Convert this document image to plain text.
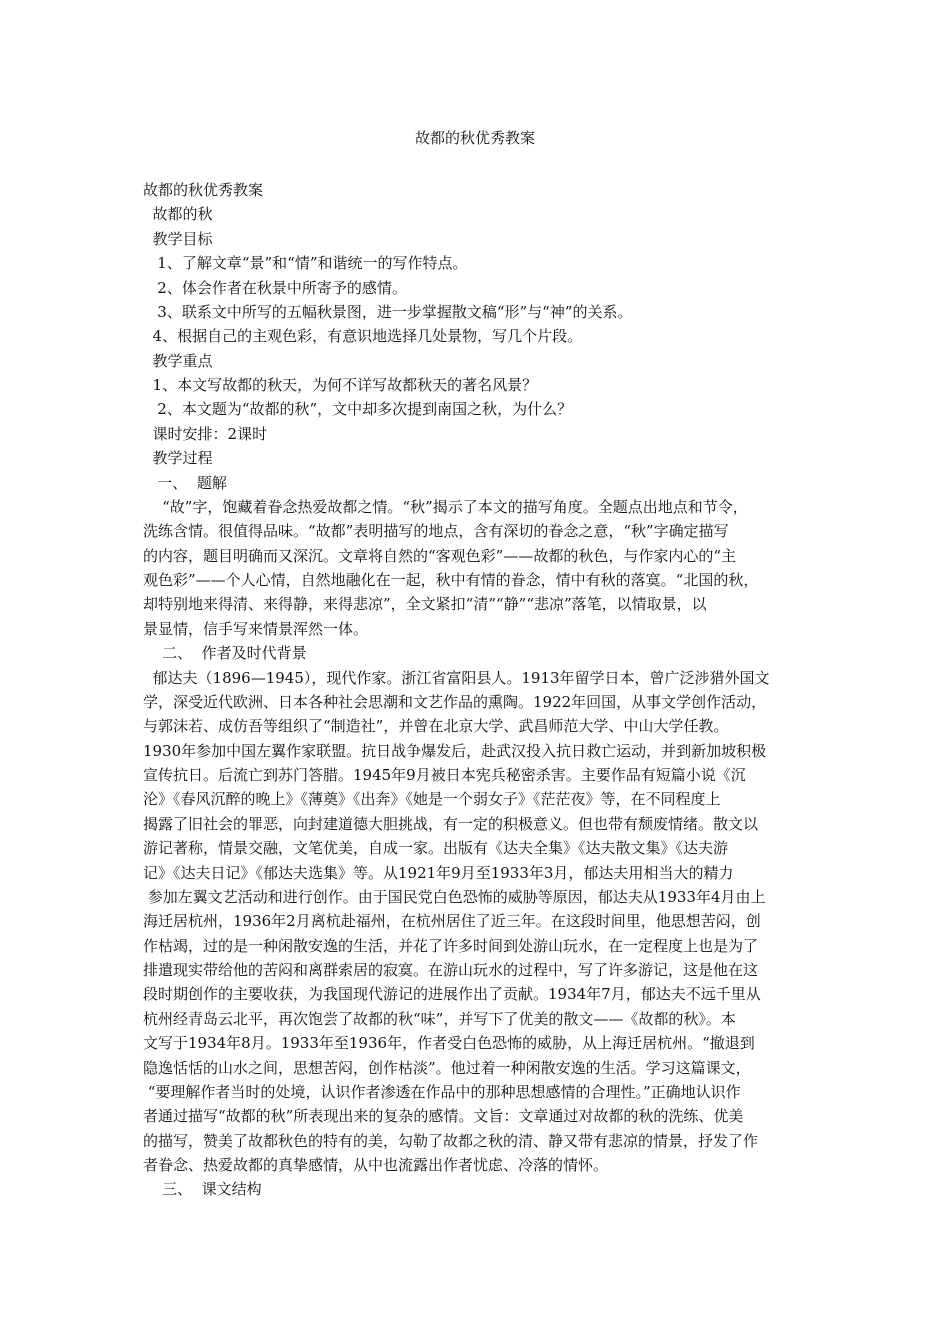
故都的秋优秀教案
故都的秋优秀教案
故都的秋
教学目标
1、了解文章“景”和“情”和谐统一的写作特点。
2、体会作者在秋景中所寄予的感情。
3、联系文中所写的五幅秋景图，进一步掌握散文稿“形”与“神”的关系。
4、根据自己的主观色彩，有意识地选择几处景物，写几个片段。
教学重点
1、本文写故都的秋天，为何不详写故都秋天的著名风景？
2、本文题为“故都的秋”，文中却多次提到南国之秋，为什么？
课时安排：2课时
教学过程
一、  题解
“故”字，饱藏着眷念热爱故都之情。“秋”揭示了本文的描写角度。全题点出地点和节令，
洗练含情。很值得品味。“故都”表明描写的地点，含有深切的眷念之意，“秋”字确定描写
的内容，题目明确而又深沉。文章将自然的“客观色彩”——故都的秋色，与作家内心的“主
观色彩”——个人心情，自然地融化在一起，秋中有情的眷念，情中有秋的落寞。“北国的秋，
却特别地来得清、来得静，来得悲凉”，全文紧扣“清”“静”“悲凉”落笔，以情取景，以
景显情，信手写来情景浑然一体。
二、  作者及时代背景
郁达夫（1896—1945），现代作家。浙江省富阳县人。1913年留学日本，曾广泛涉猎外国文
学，深受近代欧洲、日本各种社会思潮和文艺作品的熏陶。1922年回国，从事文学创作活动，
与郭沫若、成仿吾等组织了“制造社”，并曾在北京大学、武昌师范大学、中山大学任教。
1930年参加中国左翼作家联盟。抗日战争爆发后，赴武汉投入抗日救亡运动，并到新加坡积极
宣传抗日。后流亡到苏门答腊。1945年9月被日本宪兵秘密杀害。主要作品有短篇小说《沉
沦》《春风沉醉的晚上》《薄奠》《出奔》《她是一个弱女子》《茫茫夜》等，在不同程度上
揭露了旧社会的罪恶，向封建道德大胆挑战，有一定的积极意义。但也带有颓废情绪。散文以
游记著称，情景交融，文笔优美，自成一家。出版有《达夫全集》《达夫散文集》《达夫游
记》《达夫日记》《郁达夫选集》等。从1921年9月至1933年3月，郁达夫用相当大的精力
参加左翼文艺活动和进行创作。由于国民党白色恐怖的威胁等原因，郁达夫从1933年4月由上
海迁居杭州，1936年2月离杭赴福州，在杭州居住了近三年。在这段时间里，他思想苦闷，创
作枯竭，过的是一种闲散安逸的生活，并花了许多时间到处游山玩水，在一定程度上也是为了
排遣现实带给他的苦闷和离群索居的寂寞。在游山玩水的过程中，写了许多游记，这是他在这
段时期创作的主要收获，为我国现代游记的进展作出了贡献。1934年7月，郁达夫不远千里从
杭州经青岛云北平，再次饱尝了故都的秋“味”，并写下了优美的散文——《故都的秋》。本
文写于1934年8月。1933年至1936年，作者受白色恐怖的威胁，从上海迁居杭州。“撤退到
隐逸恬恬的山水之间，思想苦闷，创作枯淡”。他过着一种闲散安逸的生活。学习这篇课文，
“要理解作者当时的处境，认识作者渗透在作品中的那种思想感情的合理性。”正确地认识作
者通过描写“故都的秋”所表现出来的复杂的感情。文旨：文章通过对故都的秋的洗练、优美
的描写，赞美了故都秋色的特有的美，勾勒了故都之秋的清、静又带有悲凉的情景，抒发了作
者眷念、热爱故都的真挚感情，从中也流露出作者忧虑、冷落的情怀。
三、  课文结构
